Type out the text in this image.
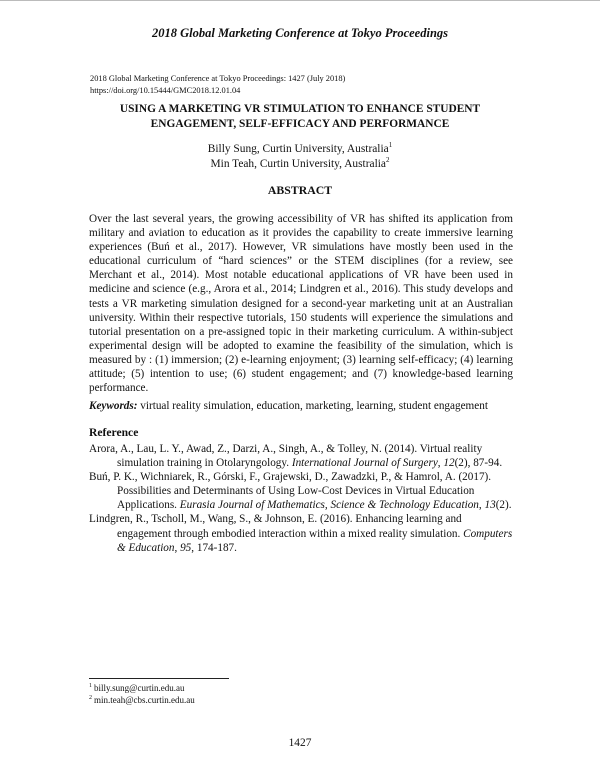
2018 Global Marketing Conference at Tokyo Proceedings
2018 Global Marketing Conference at Tokyo Proceedings: 1427 (July 2018)
https://doi.org/10.15444/GMC2018.12.01.04
USING A MARKETING VR STIMULATION TO ENHANCE STUDENT
ENGAGEMENT, SELF-EFFICACY AND PERFORMANCE
Billy Sung, Curtin University, Australia$^1$
Min Teah, Curtin University, Australia$^2$
ABSTRACT
Over the last several years, the growing accessibility of VR has shifted its application from military and aviation to education as it provides the capability to create immersive learning experiences (Buń et al., 2017). However, VR simulations have mostly been used in the educational curriculum of “hard sciences” or the STEM disciplines (for a review, see Merchant et al., 2014). Most notable educational applications of VR have been used in medicine and science (e.g., Arora et al., 2014; Lindgren et al., 2016). This study develops and tests a VR marketing simulation designed for a second-year marketing unit at an Australian university. Within their respective tutorials, 150 students will experience the simulations and tutorial presentation on a pre-assigned topic in their marketing curriculum. A within-subject experimental design will be adopted to examine the feasibility of the simulation, which is measured by : (1) immersion; (2) e-learning enjoyment; (3) learning self-efficacy; (4) learning attitude; (5) intention to use; (6) student engagement; and (7) knowledge-based learning performance.
Keywords: virtual reality simulation, education, marketing, learning, student engagement
Reference

Arora, A., Lau, L. Y., Awad, Z., Darzi, A., Singh, A., & Tolley, N. (2014). Virtual reality simulation training in Otolaryngology. International Journal of Surgery, 12(2), 87-94.

Buń, P. K., Wichniarek, R., Górski, F., Grajewski, D., Zawadzki, P., & Hamrol, A. (2017). Possibilities and Determinants of Using Low-Cost Devices in Virtual Education Applications. Eurasia Journal of Mathematics, Science & Technology Education, 13(2).

Lindgren, R., Tscholl, M., Wang, S., & Johnson, E. (2016). Enhancing learning and engagement through embodied interaction within a mixed reality simulation. Computers & Education, 95, 174-187.

$^1$ billy.sung@curtin.edu.au
$^2$ min.teah@cbs.curtin.edu.au
1427
